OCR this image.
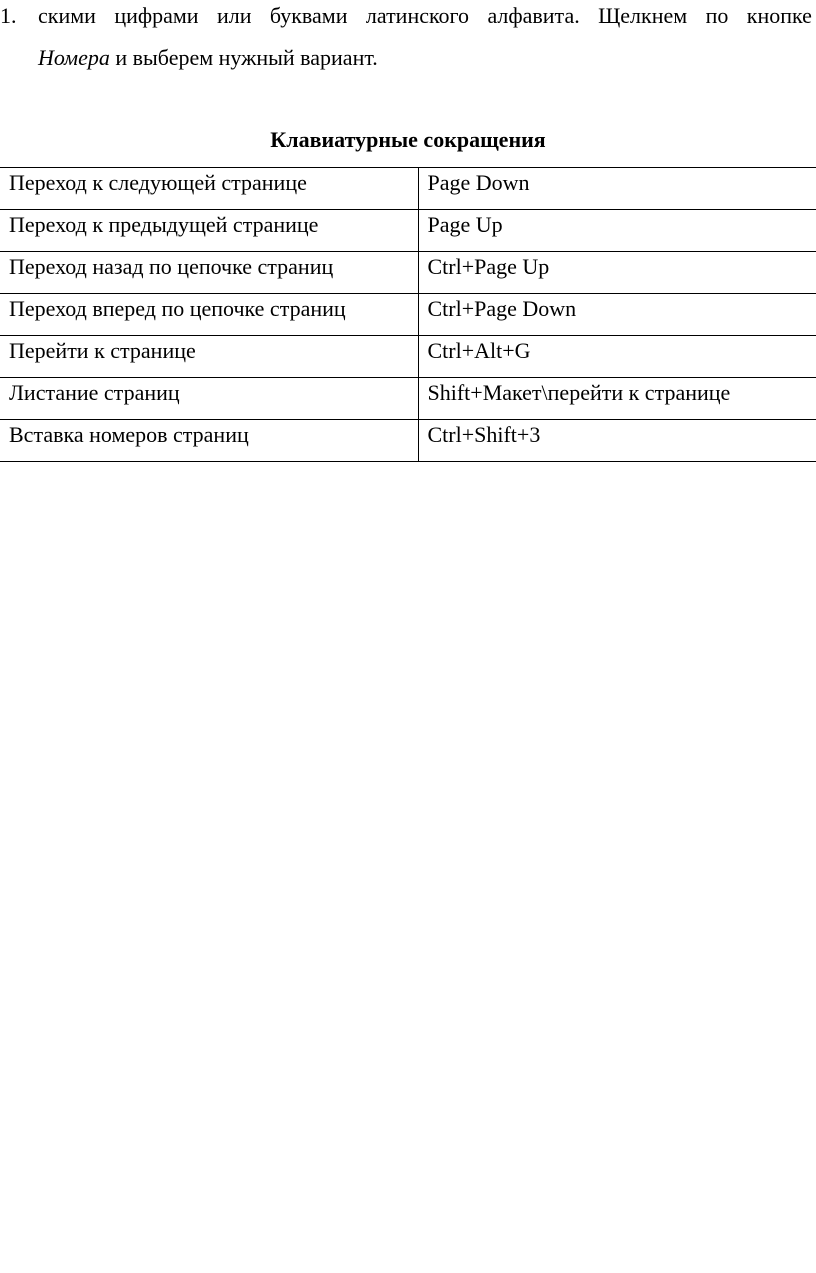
1. скими цифрами или буквами латинского алфавита. Щелкнем по кнопке
Номера и выберем нужный вариант.
Клавиатурные сокращения
Переход к следующей странице	Page Down
Переход к предыдущей странице	Page Up
Переход назад по цепочке страниц	Ctrl+Page Up
Переход вперед по цепочке страниц	Ctrl+Page Down
Перейти к странице	Ctrl+Alt+G
Листание страниц	Shift+Макет\перейти к странице
Вставка номеров страниц	Ctrl+Shift+3
